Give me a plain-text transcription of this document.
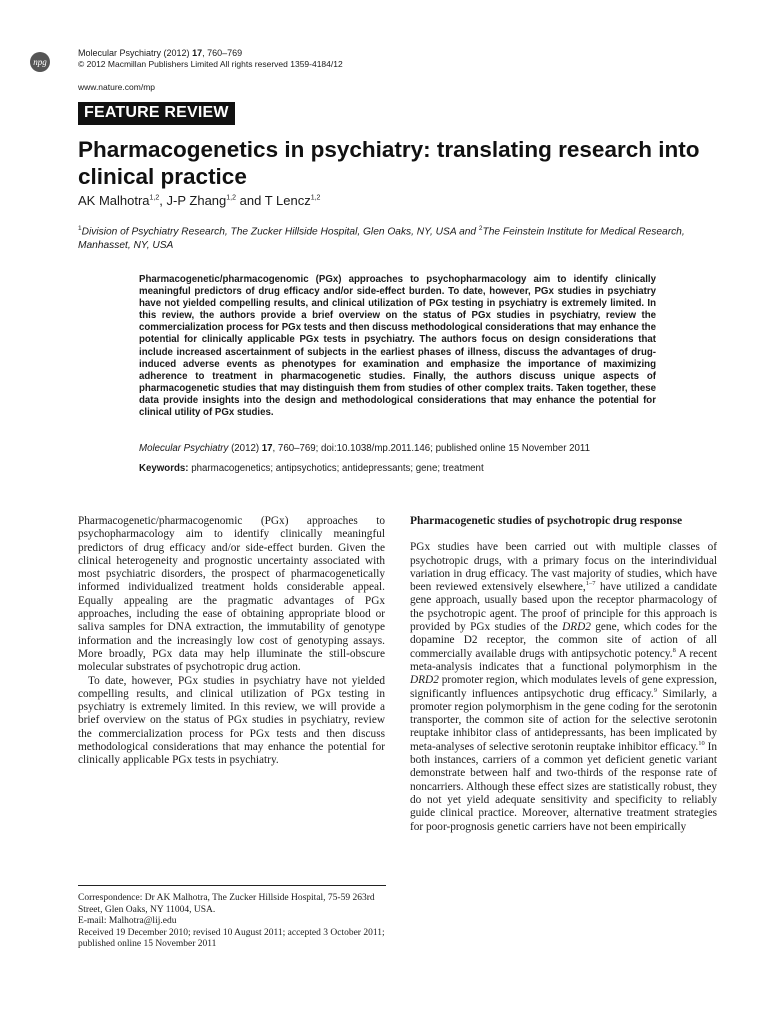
npg
Molecular Psychiatry (2012) 17, 760–769
© 2012 Macmillan Publishers Limited All rights reserved 1359-4184/12
www.nature.com/mp
FEATURE REVIEW
Pharmacogenetics in psychiatry: translating research into clinical practice
AK Malhotra$^{1,2}$, J-P Zhang$^{1,2}$ and T Lencz$^{1,2}$
$^1$Division of Psychiatry Research, The Zucker Hillside Hospital, Glen Oaks, NY, USA and $^2$The Feinstein Institute for Medical Research, Manhasset, NY, USA

Pharmacogenetic/pharmacogenomic (PGx) approaches to psychopharmacology aim to identify clinically meaningful predictors of drug efficacy and/or side-effect burden. To date, however, PGx studies in psychiatry have not yielded compelling results, and clinical utilization of PGx testing in psychiatry is extremely limited. In this review, the authors provide a brief overview on the status of PGx studies in psychiatry, review the commercialization process for PGx tests and then discuss methodological considerations that may enhance the potential for clinically applicable PGx tests in psychiatry. The authors focus on design considerations that include increased ascertainment of subjects in the earliest phases of illness, discuss the advantages of drug-induced adverse events as phenotypes for examination and emphasize the importance of maximizing adherence to treatment in pharmacogenetic studies. Finally, the authors discuss unique aspects of pharmacogenetic studies that may distinguish them from studies of other complex traits. Taken together, these data provide insights into the design and methodological considerations that may enhance the potential for clinical utility of PGx studies.

Molecular Psychiatry (2012) 17, 760–769; doi:10.1038/mp.2011.146; published online 15 November 2011
Keywords: pharmacogenetics; antipsychotics; antidepressants; gene; treatment

Pharmacogenetic/pharmacogenomic (PGx) approaches to psychopharmacology aim to identify clinically meaningful predictors of drug efficacy and/or side-effect burden. Given the clinical heterogeneity and prognostic uncertainty associated with most psychiatric disorders, the prospect of pharmacogenetically informed individualized treatment holds considerable appeal. Equally appealing are the pragmatic advantages of PGx approaches, including the ease of obtaining appropriate blood or saliva samples for DNA extraction, the immutability of genotype information and the increasingly low cost of genotyping assays. More broadly, PGx data may help illuminate the still-obscure molecular substrates of psychotropic drug action.

To date, however, PGx studies in psychiatry have not yielded compelling results, and clinical utilization of PGx testing in psychiatry is extremely limited. In this review, we will provide a brief overview on the status of PGx studies in psychiatry, review the commercialization process for PGx tests and then discuss methodological considerations that may enhance the potential for clinically applicable PGx tests in psychiatry.

Correspondence: Dr AK Malhotra, The Zucker Hillside Hospital, 75-59 263rd Street, Glen Oaks, NY 11004, USA.
E-mail: Malhotra@lij.edu
Received 19 December 2010; revised 10 August 2011; accepted 3 October 2011; published online 15 November 2011

Pharmacogenetic studies of psychotropic drug response

PGx studies have been carried out with multiple classes of psychotropic drugs, with a primary focus on the interindividual variation in drug efficacy. The vast majority of studies, which have been reviewed extensively elsewhere,$^{1-7}$ have utilized a candidate gene approach, usually based upon the receptor pharmacology of the psychotropic agent. The proof of principle for this approach is provided by PGx studies of the DRD2 gene, which codes for the dopamine D2 receptor, the common site of action of all commercially available drugs with antipsychotic potency.$^8$ A recent meta-analysis indicates that a functional polymorphism in the DRD2 promoter region, which modulates levels of gene expression, significantly influences antipsychotic drug efficacy.$^9$ Similarly, a promoter region polymorphism in the gene coding for the serotonin transporter, the common site of action for the selective serotonin reuptake inhibitor class of antidepressants, has been implicated by meta-analyses of selective serotonin reuptake inhibitor efficacy.$^{10}$ In both instances, carriers of a common yet deficient genetic variant demonstrate between half and two-thirds of the response rate of noncarriers. Although these effect sizes are statistically robust, they do not yet yield adequate sensitivity and specificity to reliably guide clinical practice. Moreover, alternative treatment strategies for poor-prognosis genetic carriers have not been empirically
